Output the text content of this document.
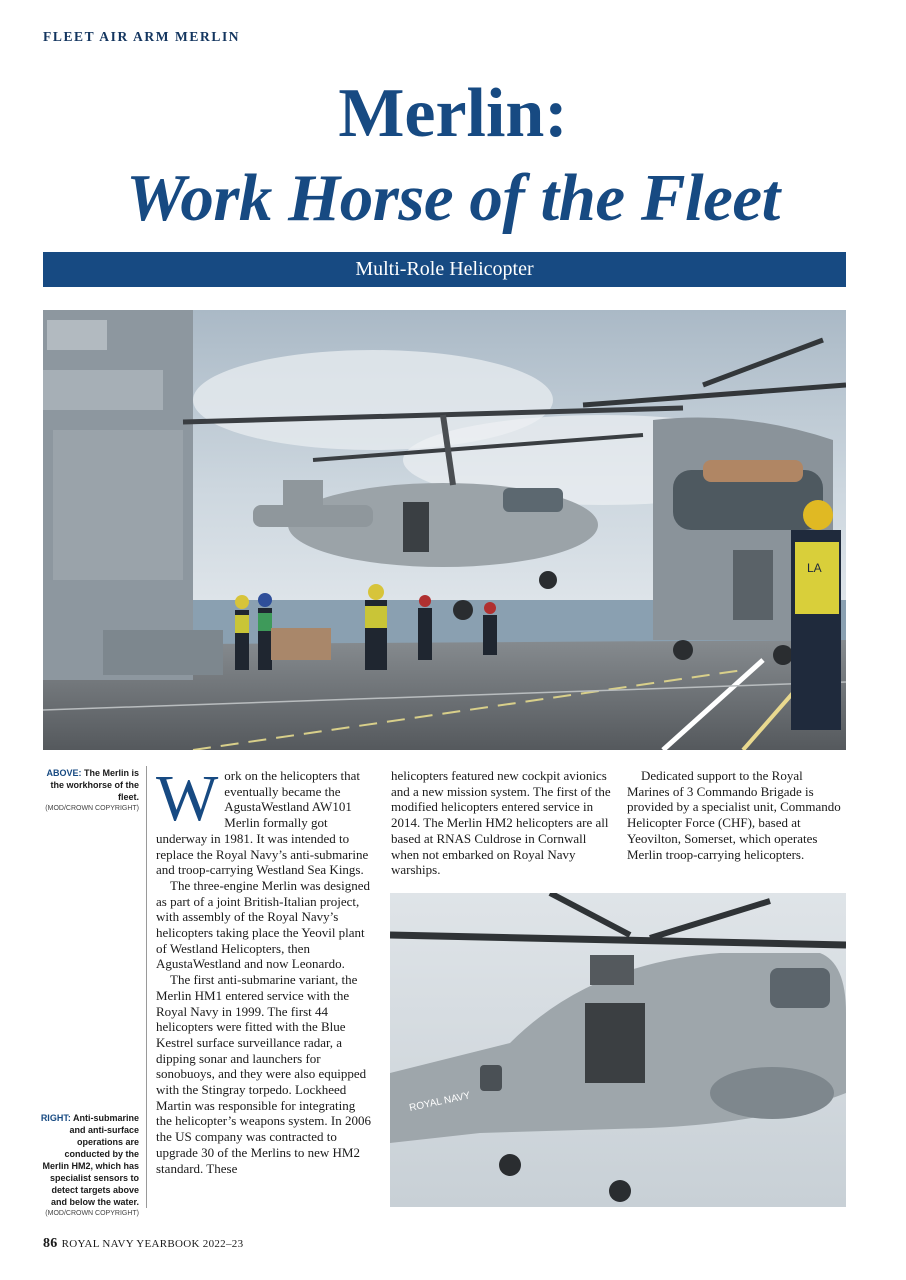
FLEET AIR ARM MERLIN
Merlin:
Work Horse of the Fleet
Multi-Role Helicopter
LA
ABOVE: The Merlin is the workhorse of the fleet.
(MOD/CROWN COPYRIGHT)
RIGHT: Anti-submarine and anti-surface operations are conducted by the Merlin HM2, which has specialist sensors to detect targets above and below the water.
(MOD/CROWN COPYRIGHT)

Work on the helicopters that eventually became the AgustaWestland AW101 Merlin formally got underway in 1981. It was intended to replace the Royal Navy’s anti-submarine and troop-carrying Westland Sea Kings.

The three-engine Merlin was designed as part of a joint British-Italian project, with assembly of the Royal Navy’s helicopters taking place the Yeovil plant of Westland Helicopters, then AgustaWestland and now Leonardo.

The first anti-submarine variant, the Merlin HM1 entered service with the Royal Navy in 1999. The first 44 helicopters were fitted with the Blue Kestrel surface surveillance radar, a dipping sonar and launchers for sonobuoys, and they were also equipped with the Stingray torpedo. Lockheed Martin was responsible for integrating the helicopter’s weapons system. In 2006 the US company was contracted to upgrade 30 of the Merlins to new HM2 standard. These

helicopters featured new cockpit avionics and a new mission system. The first of the modified helicopters entered service in 2014. The Merlin HM2 helicopters are all based at RNAS Culdrose in Cornwall when not embarked on Royal Navy warships.

Dedicated support to the Royal Marines of 3 Commando Brigade is provided by a specialist unit, Commando Helicopter Force (CHF), based at Yeovilton, Somerset, which operates Merlin troop-carrying helicopters.

ROYAL NAVY
86 ROYAL NAVY YEARBOOK 2022–23
